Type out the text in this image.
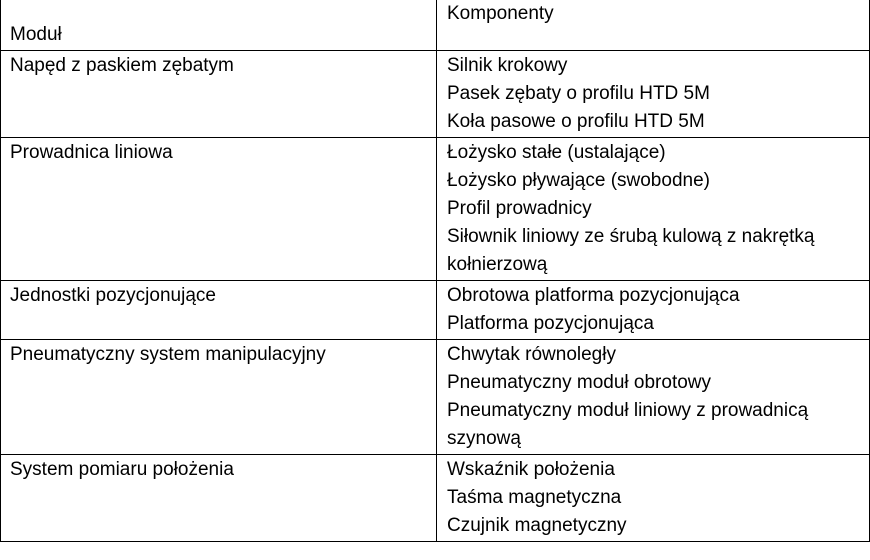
Moduł	Komponenty
Napęd z paskiem zębatym	Silnik krokowy
Pasek zębaty o profilu HTD 5M
Koła pasowe o profilu HTD 5M

Prowadnica liniowa	Łożysko stałe (ustalające)
Łożysko pływające (swobodne)
Profil prowadnicy
Siłownik liniowy ze śrubą kulową z nakrętką kołnierzową

Jednostki pozycjonujące	Obrotowa platforma pozycjonująca
Platforma pozycjonująca

Pneumatyczny system manipulacyjny	Chwytak równoległy
Pneumatyczny moduł obrotowy
Pneumatyczny moduł liniowy z prowadnicą szynową

System pomiaru położenia	Wskaźnik położenia
Taśma magnetyczna
Czujnik magnetyczny
